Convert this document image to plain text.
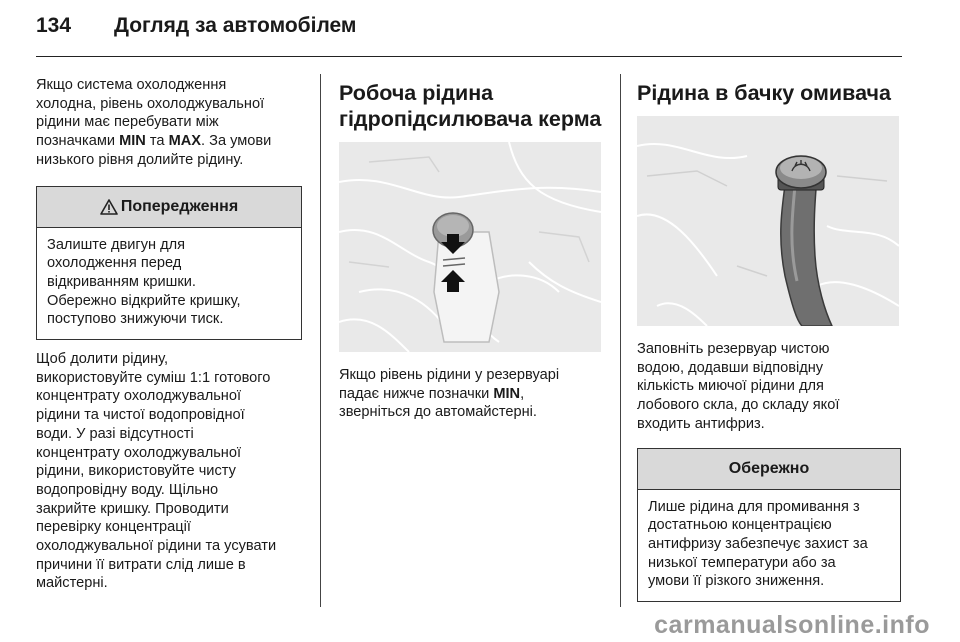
134 Догляд за автомобілем

Якщо система охолодження

холодна, рівень охолоджувальної

рідини має перебувати між

позначками MIN та MAX. За умови

низького рівня долийте рідину.

Попередження
Залиште двигун для
охолодження перед
відкриванням кришки.
Обережно відкрийте кришку,
поступово знижуючи тиск.

Щоб долити рідину,

використовуйте суміш 1:1 готового

концентрату охолоджувальної

рідини та чистої водопровідної

води. У разі відсутності

концентрату охолоджувальної

рідини, використовуйте чисту

водопровідну воду. Щільно

закрийте кришку. Проводити

перевірку концентрації

охолоджувальної рідини та усувати

причини її витрати слід лише в

майстерні.

Робоча рідина

гідропідсилювача керма

Якщо рівень рідини у резервуарі

падає нижче позначки MIN,

зверніться до автомайстерні.

Рідина в бачку омивача

Заповніть резервуар чистою

водою, додавши відповідну

кількість миючої рідини для

лобового скла, до складу якої

входить антифриз.

Обережно
Лише рідина для промивання з
достатньою концентрацією
антифризу забезпечує захист за
низької температури або за
умови її різкого зниження.
carmanualsonline.info
